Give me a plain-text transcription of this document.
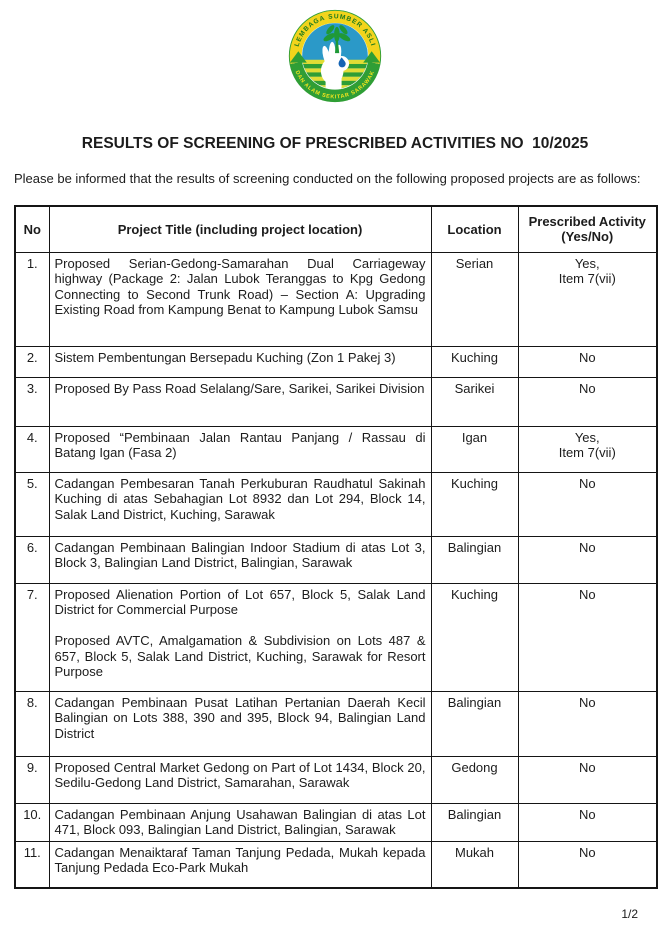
LEMBAGA SUMBER ASLI
DAN ALAM SEKITAR SARAWAK
RESULTS OF SCREENING OF PRESCRIBED ACTIVITIES NO  10/2025

Please be informed that the results of screening conducted on the following proposed projects are as follows:

No	Project Title (including project location)	Location	Prescribed Activity
(Yes/No)

1.	Proposed Serian-Gedong-Samarahan Dual Carriageway highway (Package 2: Jalan Lubok Teranggas to Kpg Gedong Connecting to Second Trunk Road) – Section A: Upgrading Existing Road from Kampung Benat to Kampung Lubok Samsu	Serian	Yes,
Item 7(vii)
2.	Sistem Pembentungan Bersepadu Kuching (Zon 1 Pakej 3)	Kuching	No
3.	Proposed By Pass Road Selalang/Sare, Sarikei, Sarikei Division	Sarikei	No
4.	Proposed “Pembinaan Jalan Rantau Panjang / Rassau di Batang Igan (Fasa 2)	Igan	Yes,
Item 7(vii)
5.	Cadangan Pembesaran Tanah Perkuburan Raudhatul Sakinah Kuching di atas Sebahagian Lot 8932 dan Lot 294, Block 14, Salak Land District, Kuching, Sarawak	Kuching	No
6.	Cadangan Pembinaan Balingian Indoor Stadium di atas Lot 3, Block 3, Balingian Land District, Balingian, Sarawak	Balingian	No
7.	Proposed Alienation Portion of Lot 657, Block 5, Salak Land District for Commercial Purpose

Proposed AVTC, Amalgamation & Subdivision on Lots 487 & 657, Block 5, Salak Land District, Kuching, Sarawak for Resort Purpose	Kuching	No
8.	Cadangan Pembinaan Pusat Latihan Pertanian Daerah Kecil Balingian on Lots 388, 390 and 395, Block 94, Balingian Land District	Balingian	No
9.	Proposed Central Market Gedong on Part of Lot 1434, Block 20, Sedilu-Gedong Land District, Samarahan, Sarawak	Gedong	No
10.	Cadangan Pembinaan Anjung Usahawan Balingian di atas Lot 471, Block 093, Balingian Land District, Balingian, Sarawak	Balingian	No
11.	Cadangan Menaiktaraf Taman Tanjung Pedada, Mukah kepada Tanjung Pedada Eco-Park Mukah	Mukah	No
1/2
